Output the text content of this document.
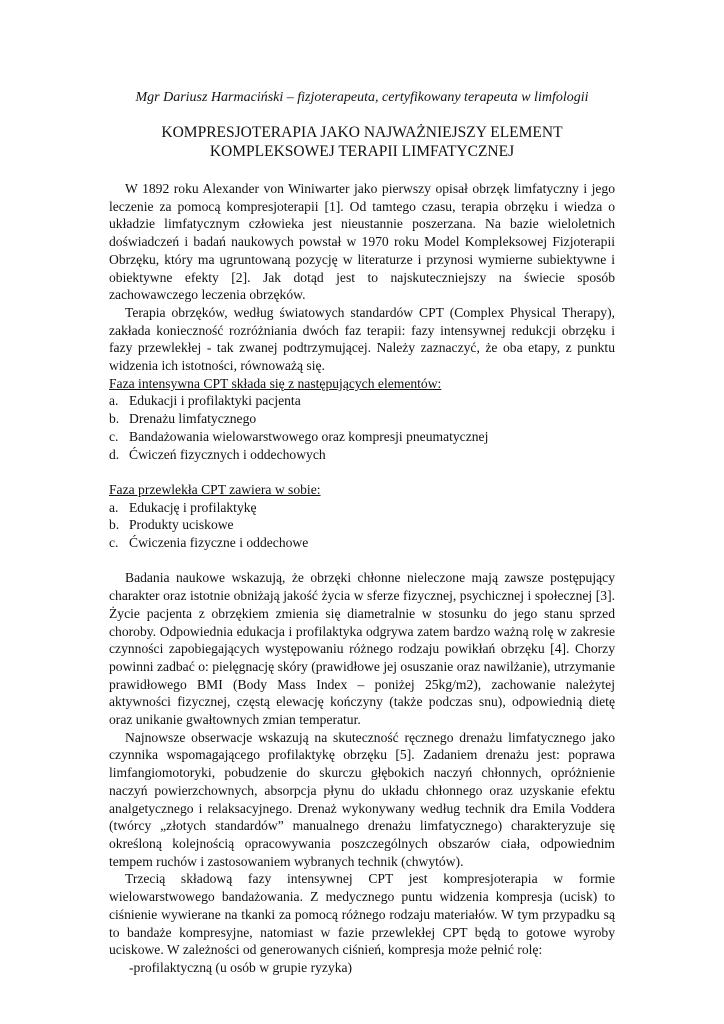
Mgr Dariusz Harmaciński – fizjoterapeuta, certyfikowany terapeuta w limfologii
KOMPRESJOTERAPIA JAKO NAJWAŻNIEJSZY ELEMENT
KOMPLEKSOWEJ TERAPII LIMFATYCZNEJ

W 1892 roku Alexander von Winiwarter jako pierwszy opisał obrzęk limfatyczny i jego leczenie za pomocą kompresjoterapii [1]. Od tamtego czasu, terapia obrzęku i wiedza o układzie limfatycznym człowieka jest nieustannie poszerzana. Na bazie wieloletnich doświadczeń i badań naukowych powstał w 1970 roku Model Kompleksowej Fizjoterapii Obrzęku, który ma ugruntowaną pozycję w literaturze i przynosi wymierne subiektywne i obiektywne efekty [2]. Jak dotąd jest to najskuteczniejszy na świecie sposób zachowawczego leczenia obrzęków.

Terapia obrzęków, według światowych standardów CPT (Complex Physical Therapy), zakłada konieczność rozróżniania dwóch faz terapii: fazy intensywnej redukcji obrzęku i fazy przewlekłej - tak zwanej podtrzymującej. Należy zaznaczyć, że oba etapy, z punktu widzenia ich istotności, równoważą się.

Faza intensywna CPT składa się z następujących elementów:
a. Edukacji i profilaktyki pacjenta
b. Drenażu limfatycznego
c. Bandażowania wielowarstwowego oraz kompresji pneumatycznej
d. Ćwiczeń fizycznych i oddechowych
Faza przewlekła CPT zawiera w sobie:
a. Edukację i profilaktykę
b. Produkty uciskowe
c. Ćwiczenia fizyczne i oddechowe

Badania naukowe wskazują, że obrzęki chłonne nieleczone mają zawsze postępujący charakter oraz istotnie obniżają jakość życia w sferze fizycznej, psychicznej i społecznej [3]. Życie pacjenta z obrzękiem zmienia się diametralnie w stosunku do jego stanu sprzed choroby. Odpowiednia edukacja i profilaktyka odgrywa zatem bardzo ważną rolę w zakresie czynności zapobiegających występowaniu różnego rodzaju powikłań obrzęku [4]. Chorzy powinni zadbać o: pielęgnację skóry (prawidłowe jej osuszanie oraz nawilżanie), utrzymanie prawidłowego BMI (Body Mass Index – poniżej 25kg/m2), zachowanie należytej aktywności fizycznej, częstą elewację kończyny (także podczas snu), odpowiednią dietę oraz unikanie gwałtownych zmian temperatur.

Najnowsze obserwacje wskazują na skuteczność ręcznego drenażu limfatycznego jako czynnika wspomagającego profilaktykę obrzęku [5]. Zadaniem drenażu jest: poprawa limfangiomotoryki, pobudzenie do skurczu głębokich naczyń chłonnych, opróżnienie naczyń powierzchownych, absorpcja płynu do układu chłonnego oraz uzyskanie efektu analgetycznego i relaksacyjnego. Drenaż wykonywany według technik dra Emila Voddera (twórcy „złotych standardów” manualnego drenażu limfatycznego) charakteryzuje się określoną kolejnością opracowywania poszczególnych obszarów ciała, odpowiednim tempem ruchów i zastosowaniem wybranych technik (chwytów).

Trzecią składową fazy intensywnej CPT jest kompresjoterapia w formie wielowarstwowego bandażowania. Z medycznego puntu widzenia kompresja (ucisk) to ciśnienie wywierane na tkanki za pomocą różnego rodzaju materiałów. W tym przypadku są to bandaże kompresyjne, natomiast w fazie przewlekłej CPT będą to gotowe wyroby uciskowe. W zależności od generowanych ciśnień, kompresja może pełnić rolę:

-profilaktyczną (u osób w grupie ryzyka)
